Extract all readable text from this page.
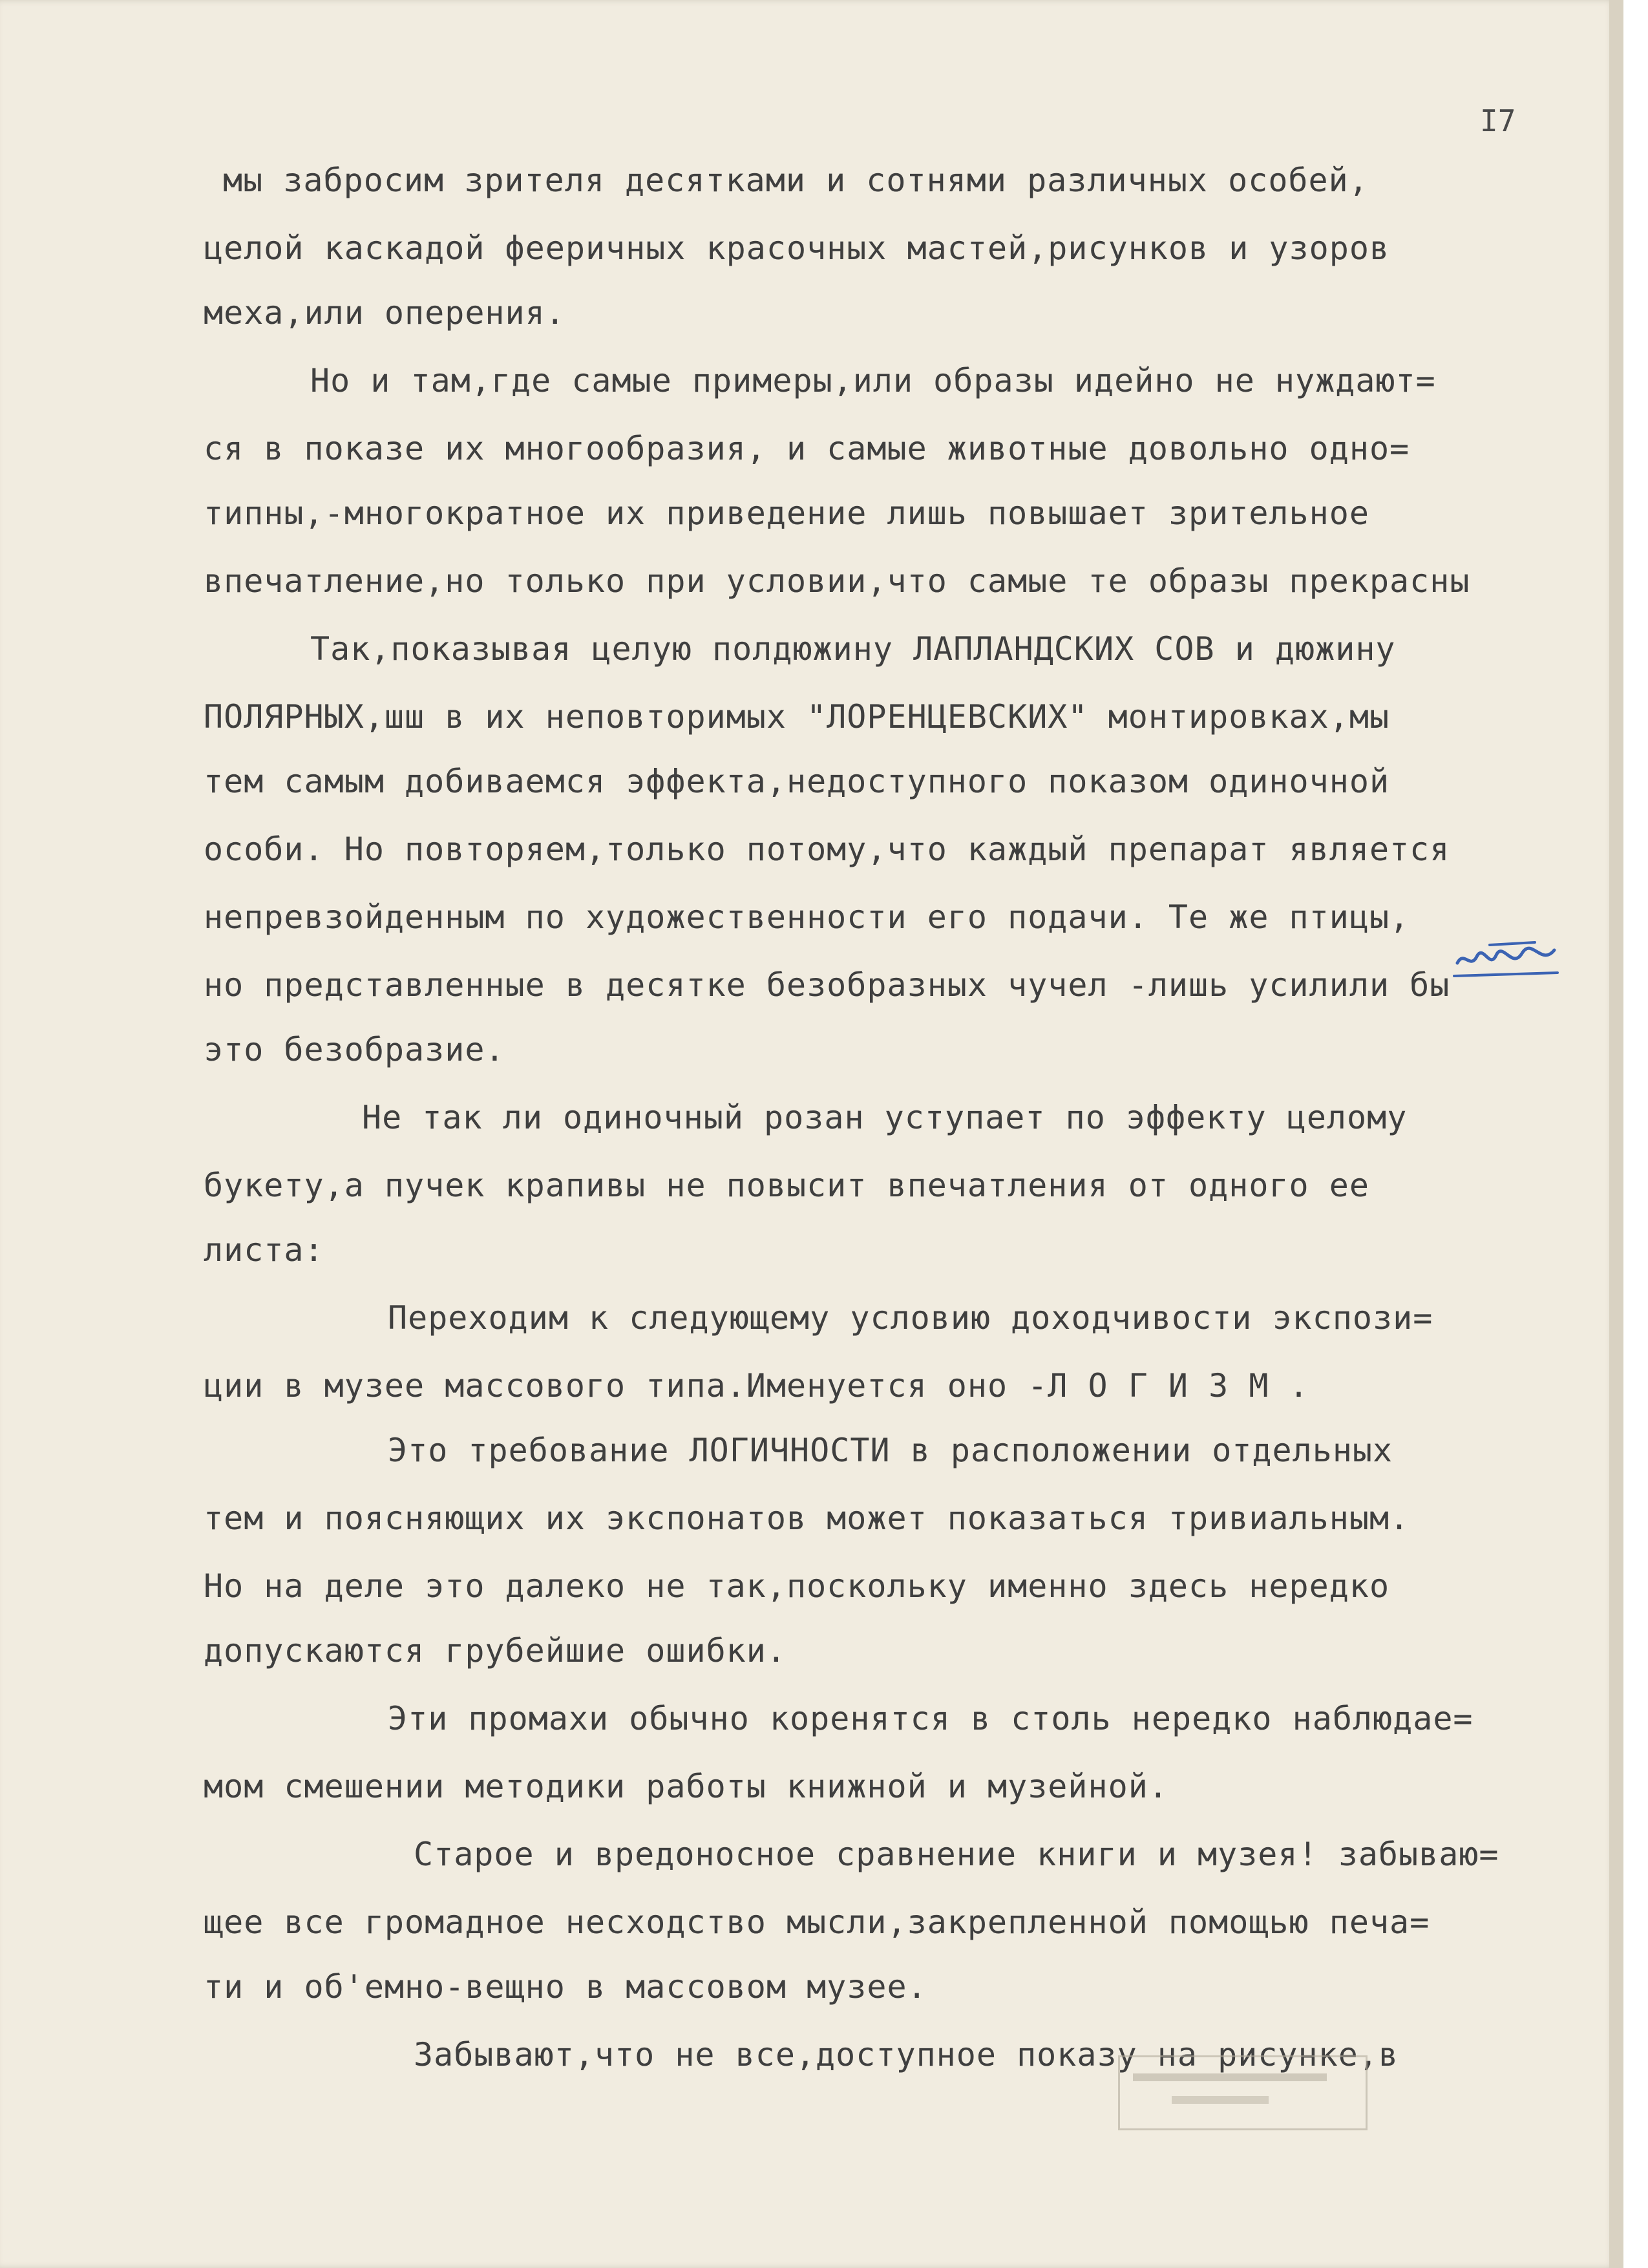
I7
мы забросим зрителя десятками и сотнями различных особей,
целой каскадой фееричных красочных мастей,рисунков и узоров
меха,или оперения.
Но и там,где самые примеры,или образы идейно не нуждают=
ся в показе их многообразия, и самые животные довольно одно=
типны,-многократное их приведение лишь повышает зрительное
впечатление,но только при условии,что самые те образы прекрасны
Так,показывая целую полдюжину ЛАПЛАНДСКИХ СОВ и дюжину
ПОЛЯРНЫХ,шш в их неповторимых "ЛОРЕНЦЕВСКИХ" монтировках,мы
тем самым добиваемся эффекта,недоступного показом одиночной
особи. Но повторяем,только потому,что каждый препарат является
непревзойденным по художественности его подачи. Те же птицы,
но представленные в десятке безобразных чучел -лишь усилили бы
это безобразие.
Не так ли одиночный розан уступает по эффекту целому
букету,а пучек крапивы не повысит впечатления от одного ее
листа:
Переходим к следующему условию доходчивости экспози=
ции в музее массового типа.Именуется оно -Л О Г И З М .
Это требование ЛОГИЧНОСТИ в расположении отдельных
тем и поясняющих их экспонатов может показаться тривиальным.
Но на деле это далеко не так,поскольку именно здесь нередко
допускаются грубейшие ошибки.
Эти промахи обычно коренятся в столь нередко наблюдае=
мом смешении методики работы книжной и музейной.
Старое и вредоносное сравнение книги и музея! забываю=
щее все громадное несходство мысли,закрепленной помощью печа=
ти и об'емно-вещно в массовом музее.
Забывают,что не все,доступное показу на рисунке,в
